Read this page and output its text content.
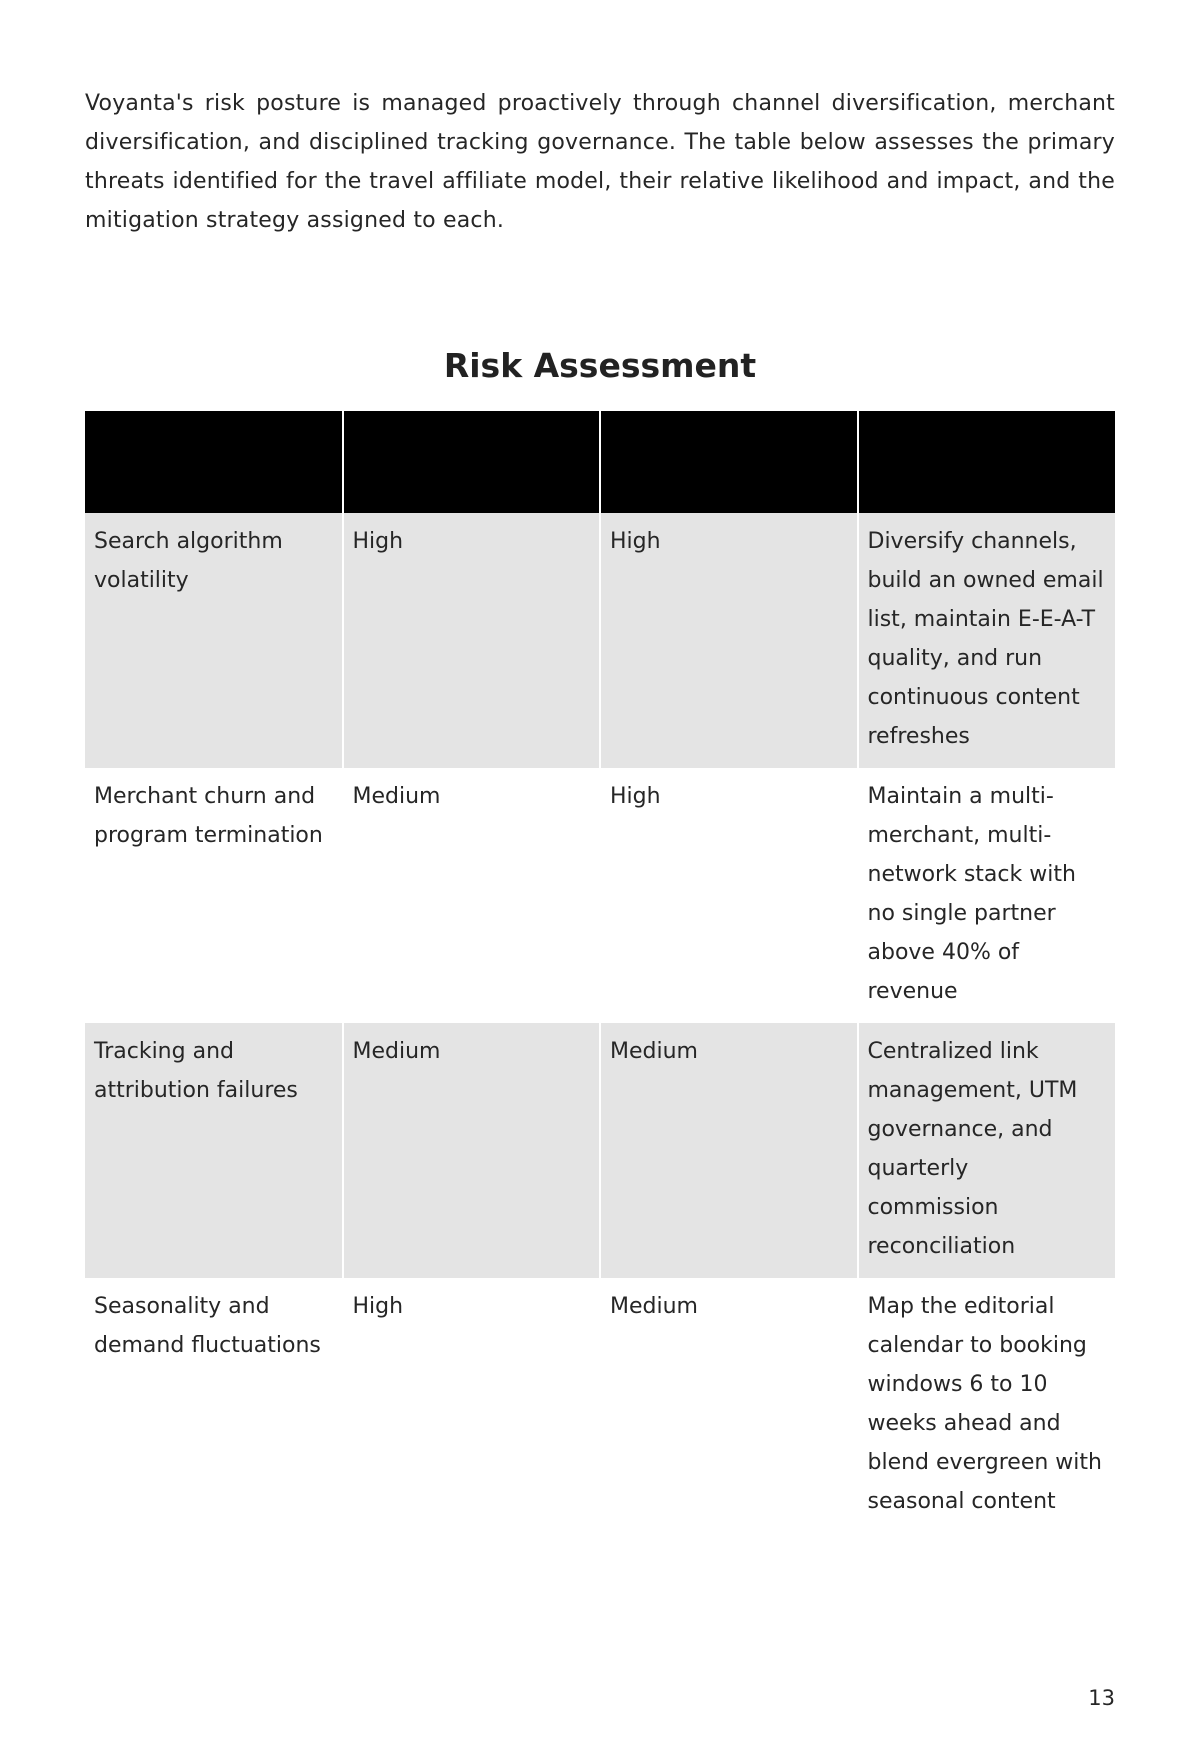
Voyanta's risk posture is managed proactively through channel diversification, merchant diversification, and disciplined tracking governance. The table below assesses the primary threats identified for the travel affiliate model, their relative likelihood and impact, and the mitigation strategy assigned to each.

Risk Assessment

Search algorithm volatility	High	High	Diversify channels, build an owned email list, maintain E-E-A-T quality, and run continuous content refreshes
Merchant churn and program termination	Medium	High	Maintain a multi-merchant, multi-network stack with no single partner above 40% of revenue
Tracking and attribution failures	Medium	Medium	Centralized link management, UTM governance, and quarterly commission reconciliation
Seasonality and demand fluctuations	High	Medium	Map the editorial calendar to booking windows 6 to 10 weeks ahead and blend evergreen with seasonal content
13
